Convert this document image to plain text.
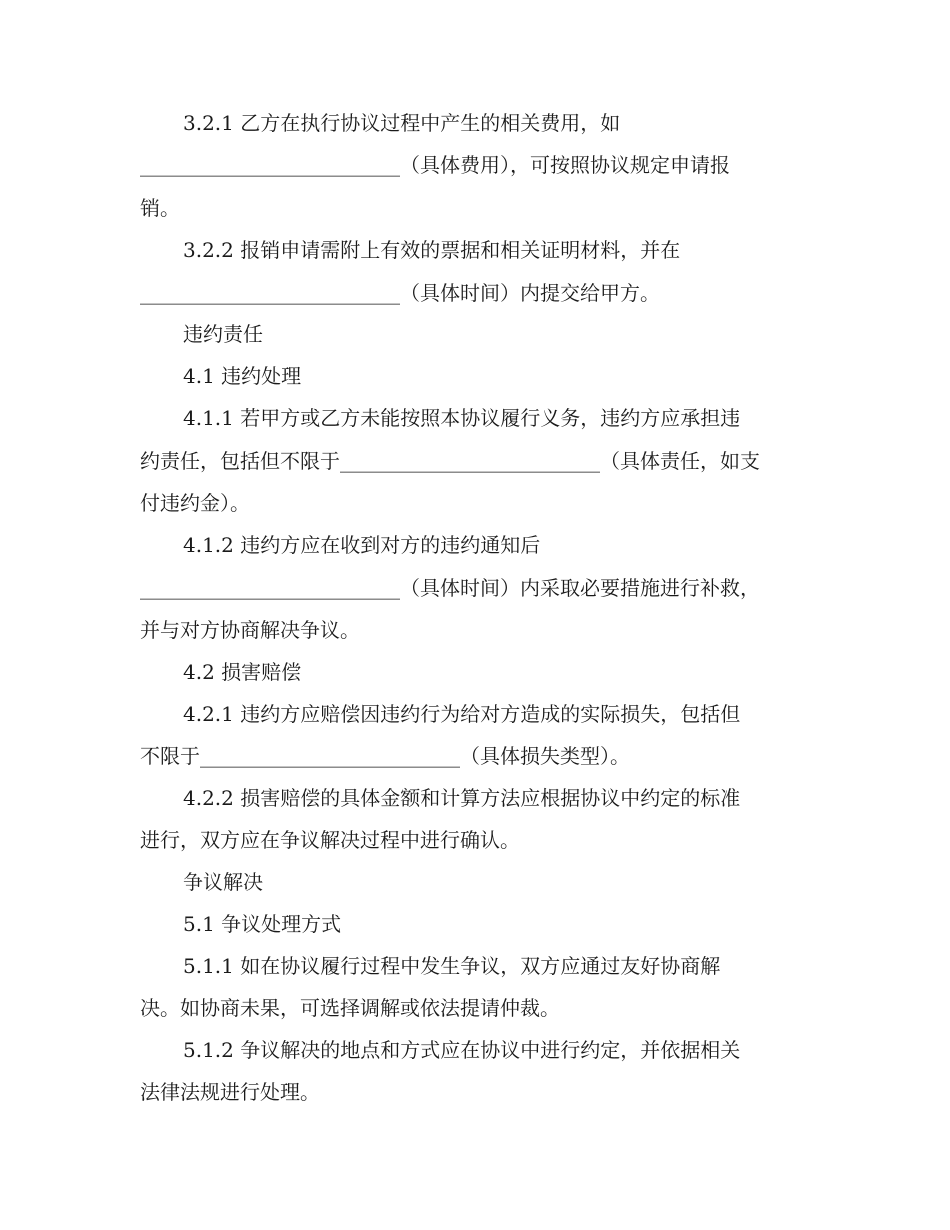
3.2.1 乙方在执行协议过程中产生的相关费用，如
__________________________（具体费用），可按照协议规定申请报
销。
3.2.2 报销申请需附上有效的票据和相关证明材料，并在
__________________________（具体时间）内提交给甲方。
违约责任
4.1 违约处理
4.1.1 若甲方或乙方未能按照本协议履行义务，违约方应承担违
约责任，包括但不限于__________________________（具体责任，如支
付违约金）。
4.1.2 违约方应在收到对方的违约通知后
__________________________（具体时间）内采取必要措施进行补救，
并与对方协商解决争议。
4.2 损害赔偿
4.2.1 违约方应赔偿因违约行为给对方造成的实际损失，包括但
不限于__________________________（具体损失类型）。
4.2.2 损害赔偿的具体金额和计算方法应根据协议中约定的标准
进行，双方应在争议解决过程中进行确认。
争议解决
5.1 争议处理方式
5.1.1 如在协议履行过程中发生争议，双方应通过友好协商解
决。如协商未果，可选择调解或依法提请仲裁。
5.1.2 争议解决的地点和方式应在协议中进行约定，并依据相关
法律法规进行处理。
